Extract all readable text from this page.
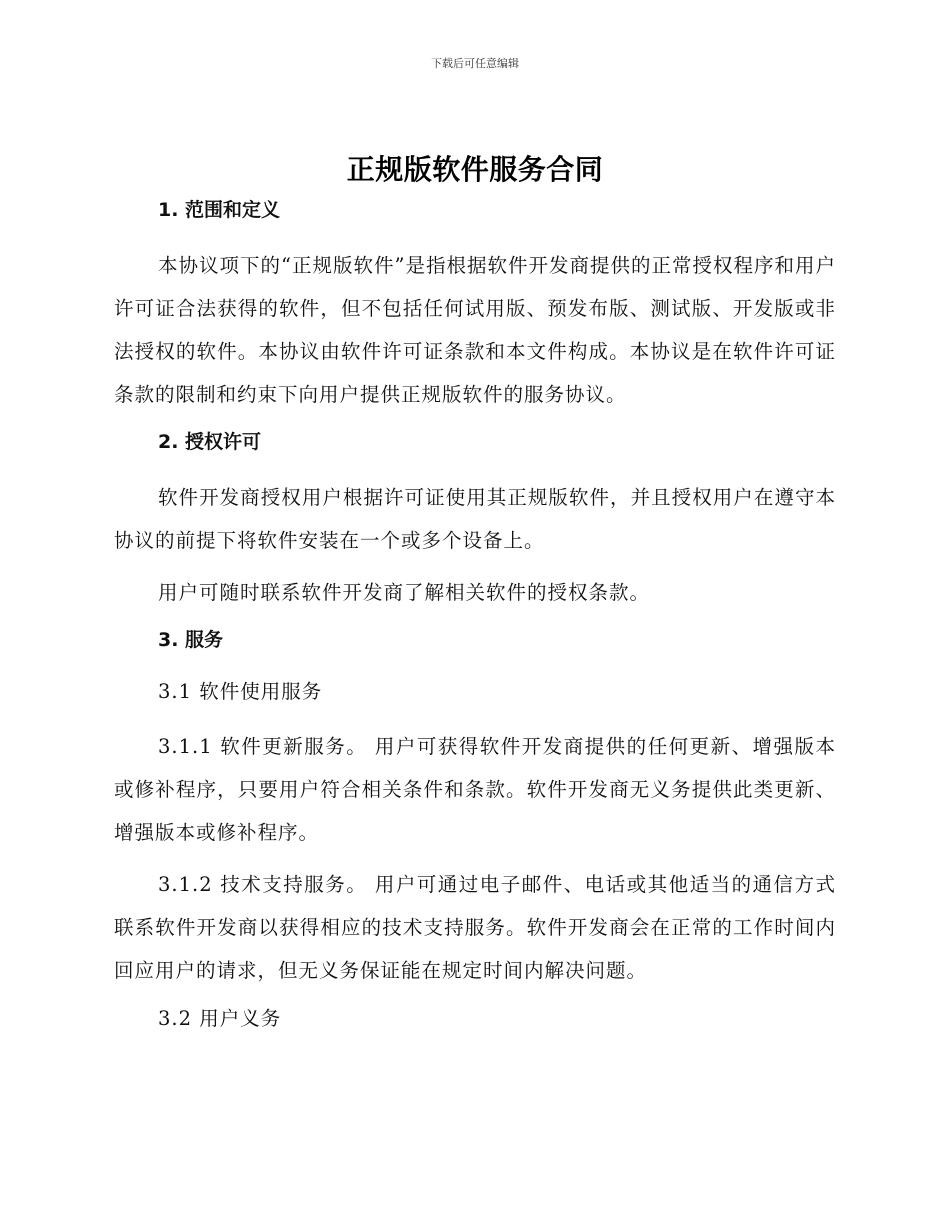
下载后可任意编辑
正规版软件服务合同
1. 范围和定义
本协议项下的“正规版软件”是指根据软件开发商提供的正常授权程序和用户许可证合法获得的软件，但不包括任何试用版、预发布版、测试版、开发版或非法授权的软件。本协议由软件许可证条款和本文件构成。本协议是在软件许可证条款的限制和约束下向用户提供正规版软件的服务协议。
2. 授权许可
软件开发商授权用户根据许可证使用其正规版软件，并且授权用户在遵守本协议的前提下将软件安装在一个或多个设备上。
用户可随时联系软件开发商了解相关软件的授权条款。
3. 服务
3.1 软件使用服务
3.1.1 软件更新服务。 用户可获得软件开发商提供的任何更新、增强版本或修补程序，只要用户符合相关条件和条款。软件开发商无义务提供此类更新、增强版本或修补程序。
3.1.2 技术支持服务。 用户可通过电子邮件、电话或其他适当的通信方式联系软件开发商以获得相应的技术支持服务。软件开发商会在正常的工作时间内回应用户的请求，但无义务保证能在规定时间内解决问题。
3.2 用户义务
